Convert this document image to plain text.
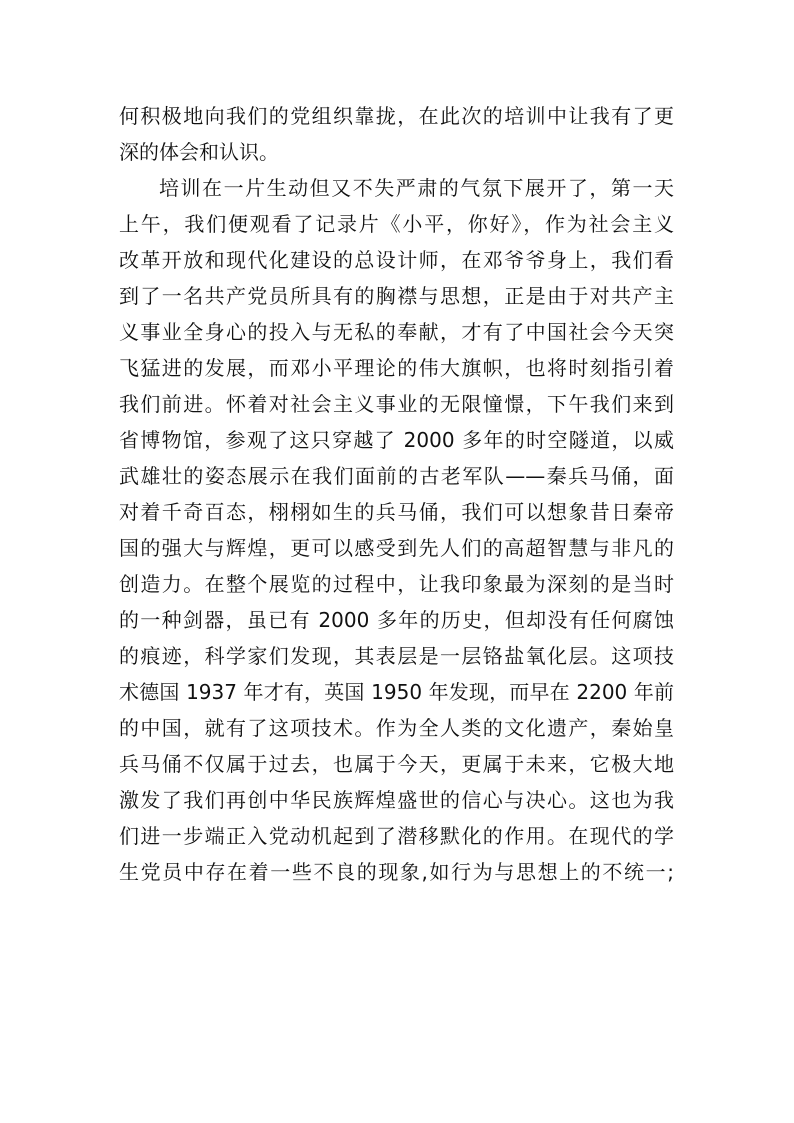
何积极地向我们的党组织靠拢，在此次的培训中让我有了更
深的体会和认识。
培训在一片生动但又不失严肃的气氛下展开了，第一天
上午，我们便观看了记录片《小平，你好》，作为社会主义
改革开放和现代化建设的总设计师，在邓爷爷身上，我们看
到了一名共产党员所具有的胸襟与思想，正是由于对共产主
义事业全身心的投入与无私的奉献，才有了中国社会今天突
飞猛进的发展，而邓小平理论的伟大旗帜，也将时刻指引着
我们前进。怀着对社会主义事业的无限憧憬，下午我们来到
省博物馆，参观了这只穿越了 2000 多年的时空隧道，以威
武雄壮的姿态展示在我们面前的古老军队——秦兵马俑，面
对着千奇百态，栩栩如生的兵马俑，我们可以想象昔日秦帝
国的强大与辉煌，更可以感受到先人们的高超智慧与非凡的
创造力。在整个展览的过程中，让我印象最为深刻的是当时
的一种剑器，虽已有 2000 多年的历史，但却没有任何腐蚀
的痕迹，科学家们发现，其表层是一层铬盐氧化层。这项技
术德国 1937 年才有，英国 1950 年发现，而早在 2200 年前
的中国，就有了这项技术。作为全人类的文化遗产，秦始皇
兵马俑不仅属于过去，也属于今天，更属于未来，它极大地
激发了我们再创中华民族辉煌盛世的信心与决心。这也为我
们进一步端正入党动机起到了潜移默化的作用。在现代的学
生党员中存在着一些不良的现象,如行为与思想上的不统一;
